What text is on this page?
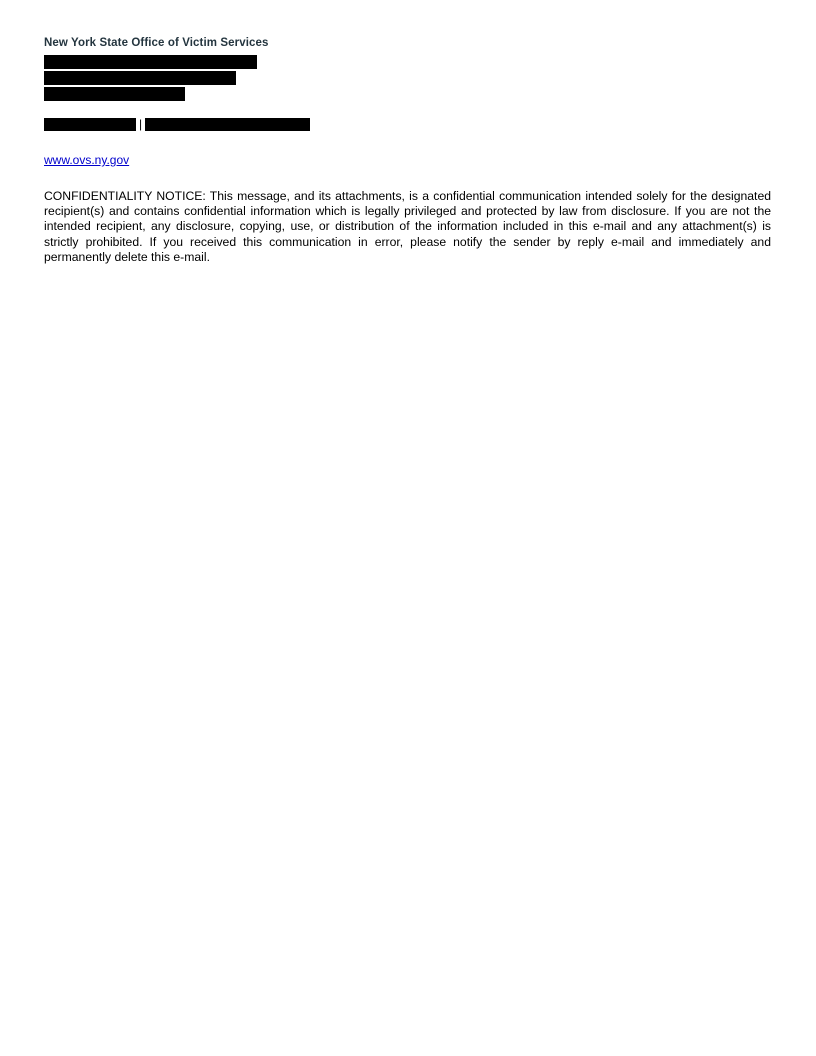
New York State Office of Victim Services
|
www.ovs.ny.gov
CONFIDENTIALITY NOTICE: This message, and its attachments, is a confidential communication intended solely for the designated recipient(s) and contains confidential information which is legally privileged and protected by law from disclosure. If you are not the intended recipient, any disclosure, copying, use, or distribution of the information included in this e-mail and any attachment(s) is strictly prohibited. If you received this communication in error, please notify the sender by reply e-mail and immediately and permanently delete this e-mail.
